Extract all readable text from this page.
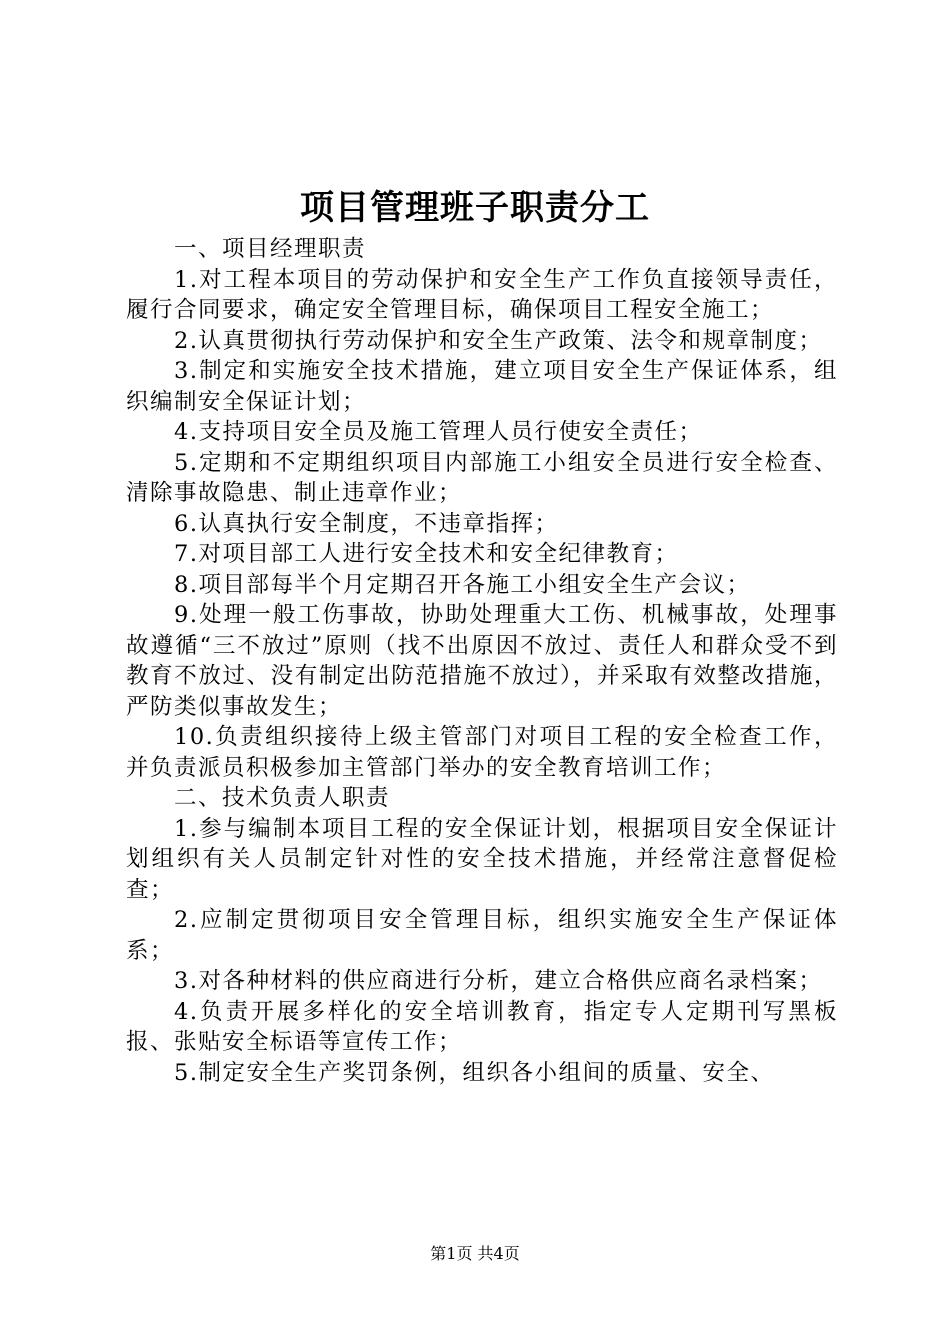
项目管理班子职责分工

一、项目经理职责

1.对工程本项目的劳动保护和安全生产工作负直接领导责任，履行合同要求，确定安全管理目标，确保项目工程安全施工；

2.认真贯彻执行劳动保护和安全生产政策、法令和规章制度；

3.制定和实施安全技术措施，建立项目安全生产保证体系，组织编制安全保证计划；

4.支持项目安全员及施工管理人员行使安全责任；

5.定期和不定期组织项目内部施工小组安全员进行安全检查、清除事故隐患、制止违章作业；

6.认真执行安全制度，不违章指挥；

7.对项目部工人进行安全技术和安全纪律教育；

8.项目部每半个月定期召开各施工小组安全生产会议；

9.处理一般工伤事故，协助处理重大工伤、机械事故，处理事故遵循“三不放过”原则（找不出原因不放过、责任人和群众受不到教育不放过、没有制定出防范措施不放过），并采取有效整改措施，严防类似事故发生；

10.负责组织接待上级主管部门对项目工程的安全检查工作，并负责派员积极参加主管部门举办的安全教育培训工作；

二、技术负责人职责

1.参与编制本项目工程的安全保证计划，根据项目安全保证计划组织有关人员制定针对性的安全技术措施，并经常注意督促检查；

2.应制定贯彻项目安全管理目标，组织实施安全生产保证体系；

3.对各种材料的供应商进行分析，建立合格供应商名录档案；

4.负责开展多样化的安全培训教育，指定专人定期刊写黑板报、张贴安全标语等宣传工作；

5.制定安全生产奖罚条例，组织各小组间的质量、安全、

第1页 共4页
